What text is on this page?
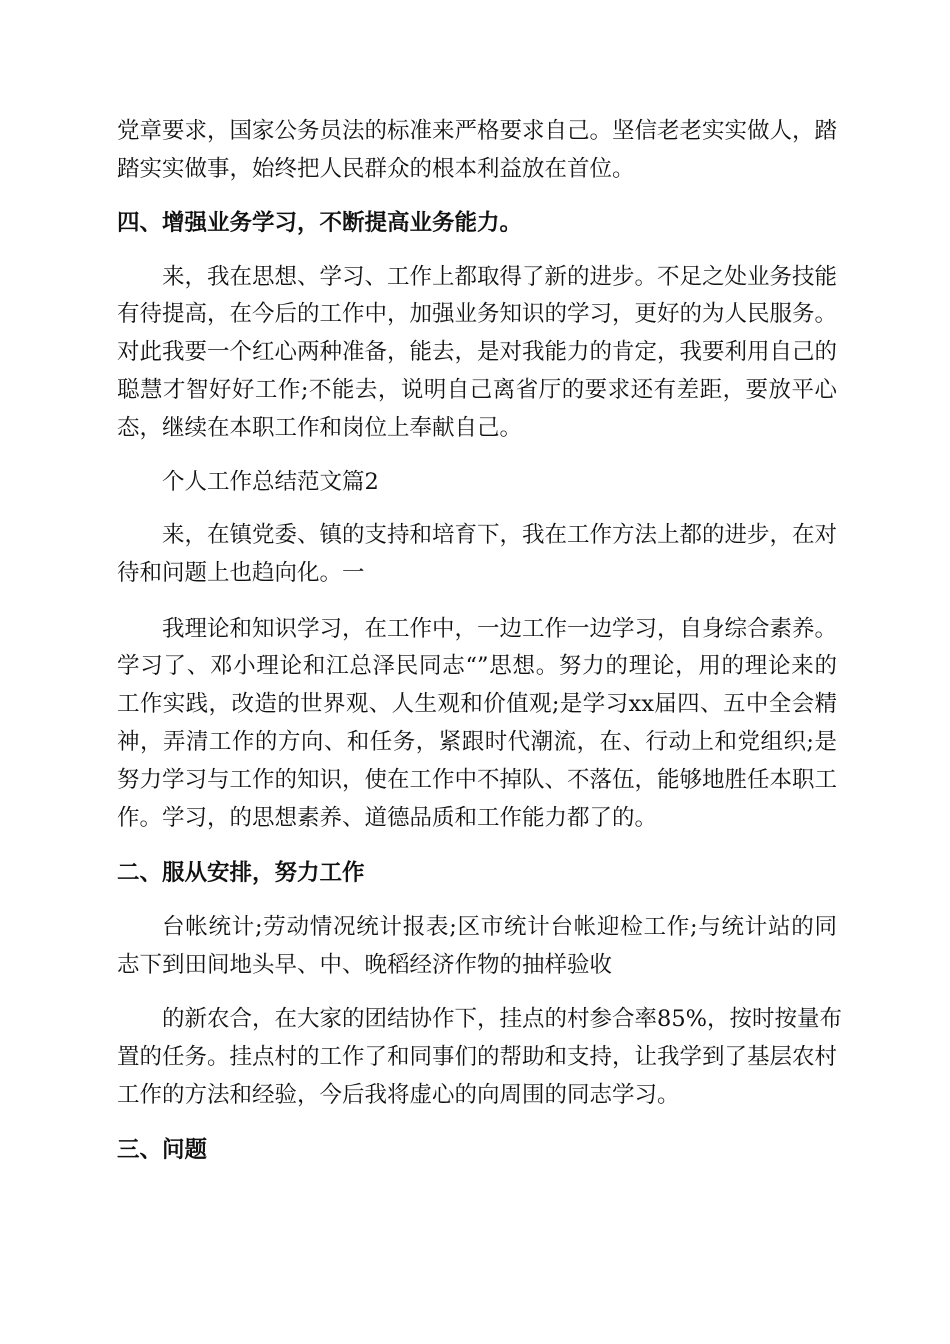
党章要求，国家公务员法的标准来严格要求自己。坚信老老实实做人，踏
踏实实做事，始终把人民群众的根本利益放在首位。
四、增强业务学习，不断提高业务能力。
来，我在思想、学习、工作上都取得了新的进步。不足之处业务技能
有待提高，在今后的工作中，加强业务知识的学习，更好的为人民服务。
对此我要一个红心两种准备，能去，是对我能力的肯定，我要利用自己的
聪慧才智好好工作;不能去，说明自己离省厅的要求还有差距，要放平心
态，继续在本职工作和岗位上奉献自己。
个人工作总结范文篇2
来，在镇党委、镇的支持和培育下，我在工作方法上都的进步，在对
待和问题上也趋向化。一
我理论和知识学习，在工作中，一边工作一边学习，自身综合素养。
学习了、邓小理论和江总泽民同志“”思想。努力的理论，用的理论来的
工作实践，改造的世界观、人生观和价值观;是学习xx届四、五中全会精
神，弄清工作的方向、和任务，紧跟时代潮流，在、行动上和党组织;是
努力学习与工作的知识，使在工作中不掉队、不落伍，能够地胜任本职工
作。学习，的思想素养、道德品质和工作能力都了的。
二、服从安排，努力工作
台帐统计;劳动情况统计报表;区市统计台帐迎检工作;与统计站的同
志下到田间地头早、中、晚稻经济作物的抽样验收
的新农合，在大家的团结协作下，挂点的村参合率85%，按时按量布
置的任务。挂点村的工作了和同事们的帮助和支持，让我学到了基层农村
工作的方法和经验，今后我将虚心的向周围的同志学习。
三、问题
